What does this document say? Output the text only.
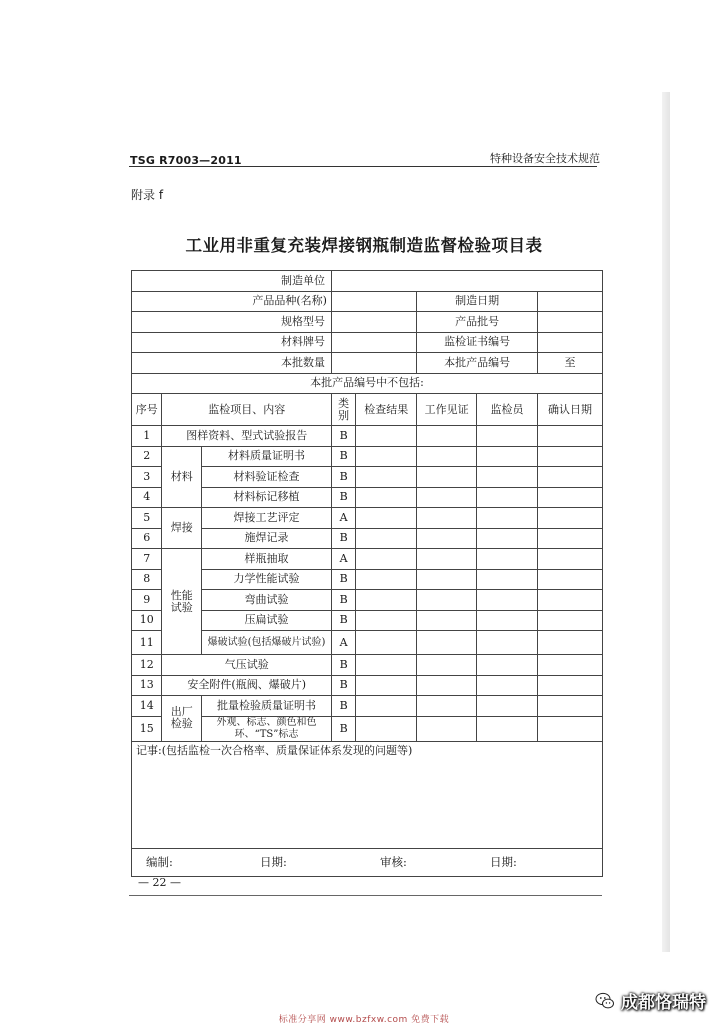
TSG R7003—2011	特种设备安全技术规范
附录 f
工业用非重复充装焊接钢瓶制造监督检验项目表
制造单位							
产品品种(名称)					制造日期		
规格型号					产品批号		
材料牌号					监检证书编号		
本批数量					本批产品编号		至
本批产品编号中不包括:							
序号	监检项目、内容		类别	检查结果	工作见证	监检员	确认日期
1	图样资料、型式试验报告		B				
2	材料	材料质量证明书	B				
3		材料验证检查	B				
4		材料标记移植	B				
5	焊接	焊接工艺评定	A				
6		施焊记录	B				
7	性能试验	样瓶抽取	A				
8		力学性能试验	B				
9		弯曲试验	B				
10		压扁试验	B				
11		爆破试验(包括爆破片试验)	A				
12	气压试验		B				
13	安全附件(瓶阀、爆破片)		B				
14	出厂检验	批量检验质量证明书	B				
15		外观、标志、颜色和色环、“TS”标志	B				
记事:(包括监检一次合格率、质量保证体系发现的问题等)							

编制: 日期: 审核: 日期:							
— 22 —
标准分享网 www.bzfxw.com 免费下载
成都恪瑞特
